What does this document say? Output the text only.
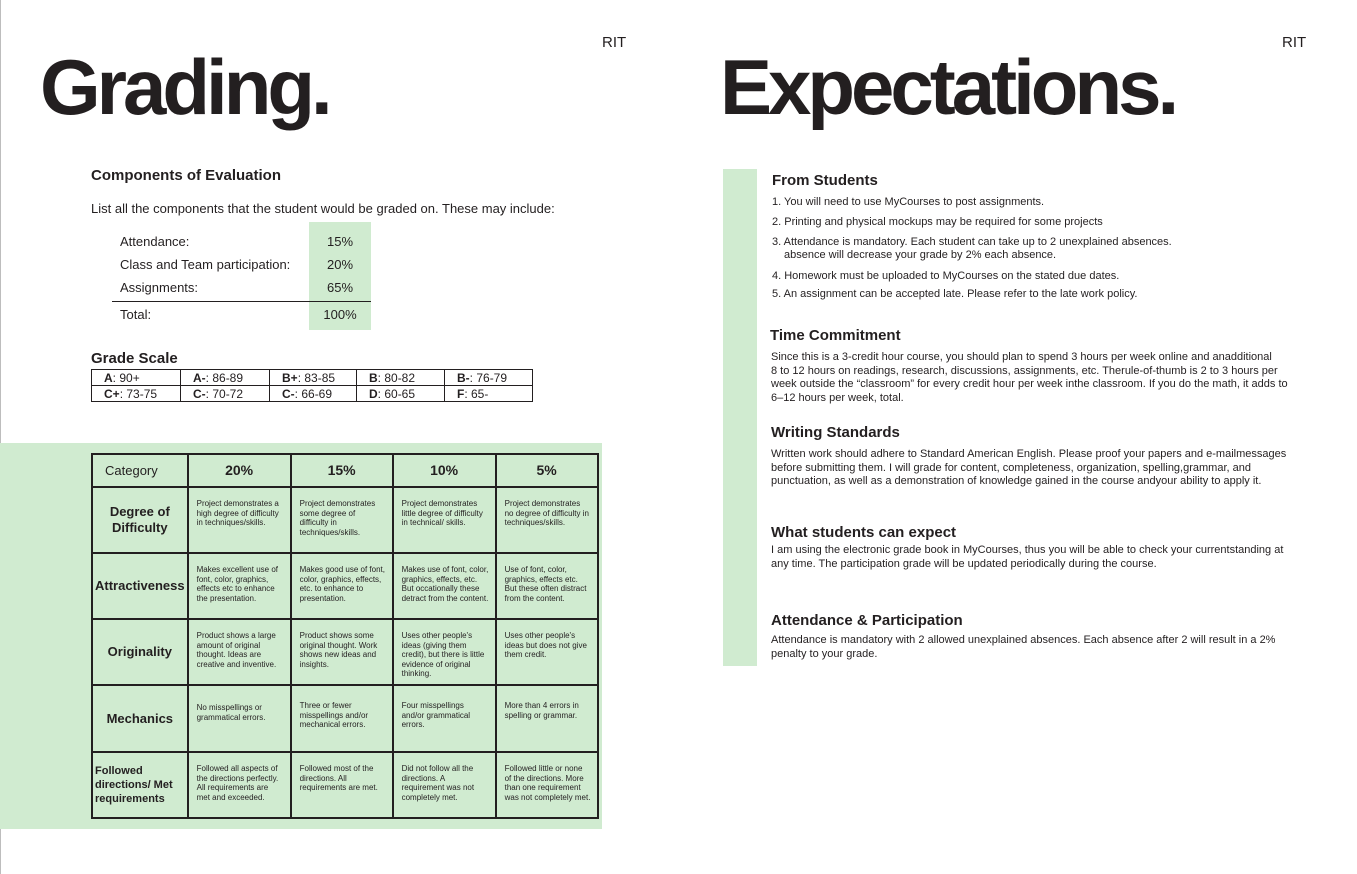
RIT
Grading.
Components of Evaluation
List all the components that the student would be graded on. These may include:
Attendance:	15%
Class and Team participation:	20%
Assignments:	65%
Total:	100%
Grade Scale
A: 90+	A-: 86-89	B+: 83-85	B: 80-82	B-: 76-79
C+: 73-75	C-: 70-72	C-: 66-69	D: 60-65	F: 65-
Category	20%	15%	10%	5%
Degree of Difficulty	Project demonstrates a high degree of difficulty in techniques/skills.	Project demonstrates some degree of difficulty in techniques/skills.	Project demonstrates little degree of difficulty in technical/ skills.	Project demonstrates no degree of difficulty in techniques/skills.
Attractiveness	Makes excellent use of font, color, graphics, effects etc to enhance the presentation.	Makes good use of font, color, graphics, effects, etc. to enhance to presentation.	Makes use of font, color, graphics, effects, etc. But occationally these detract from the content.	Use of font, color, graphics, effects etc. But these often distract from the content.
Originality	Product shows a large amount of original thought. Ideas are creative and inventive.	Product shows some original thought. Work shows new ideas and insights.	Uses other people's ideas (giving them credit), but there is little evidence of original thinking.	Uses other people's ideas but does not give them credit.
Mechanics	No misspellings or grammatical errors.	Three or fewer misspellings and/or mechanical errors.	Four misspellings and/or grammatical errors.	More than 4 errors in spelling or grammar.
Followed directions/ Met requirements	Followed all aspects of the directions perfectly. All requirements are met and exceeded.	Followed most of the directions. All requirements are met.	Did not follow all the directions. A requirement was not completely met.	Followed little or none of the directions. More than one requirement was not completely met.
RIT
Expectations.
From Students
1. You will need to use MyCourses to post assignments.
2. Printing and physical mockups may be required for some projects
3. Attendance is mandatory. Each student can take up to 2 unexplained absences.
absence will decrease your grade by 2% each absence.
4. Homework must be uploaded to MyCourses on the stated due dates.
5. An assignment can be accepted late. Please refer to the late work policy.
Time Commitment
Since this is a 3-credit hour course, you should plan to spend 3 hours per week online and anadditional
8 to 12 hours on readings, research, discussions, assignments, etc. Therule-of-thumb is 2 to 3 hours per
week outside the “classroom” for every credit hour per week inthe classroom. If you do the math, it adds to
6–12 hours per week, total.
Writing Standards
Written work should adhere to Standard American English. Please proof your papers and e-mailmessages
before submitting them. I will grade for content, completeness, organization, spelling,grammar, and
punctuation, as well as a demonstration of knowledge gained in the course andyour ability to apply it.
What students can expect
I am using the electronic grade book in MyCourses, thus you will be able to check your currentstanding at
any time. The participation grade will be updated periodically during the course.
Attendance & Participation
Attendance is mandatory with 2 allowed unexplained absences. Each absence after 2 will result in a 2%
penalty to your grade.
